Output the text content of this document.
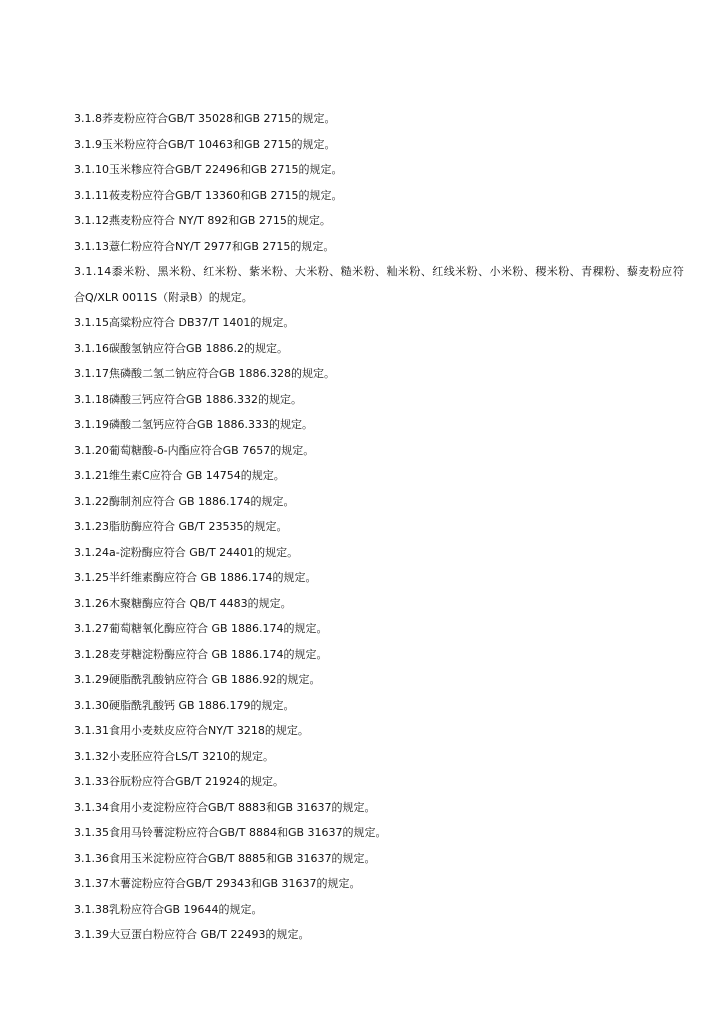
3.1.8荞麦粉应符合GB/T 35028和GB 2715的规定。
3.1.9玉米粉应符合GB/T 10463和GB 2715的规定。
3.1.10玉米糁应符合GB/T 22496和GB 2715的规定。
3.1.11莜麦粉应符合GB/T 13360和GB 2715的规定。
3.1.12燕麦粉应符合 NY/T 892和GB 2715的规定。
3.1.13薏仁粉应符合NY/T 2977和GB 2715的规定。
3.1.14黍米粉、黑米粉、红米粉、紫米粉、大米粉、糙米粉、籼米粉、红线米粉、小米粉、稷米粉、青稞粉、藜麦粉应符
合Q/XLR 0011S（附录B）的规定。
3.1.15高粱粉应符合 DB37/T 1401的规定。
3.1.16碳酸氢钠应符合GB 1886.2的规定。
3.1.17焦磷酸二氢二钠应符合GB 1886.328的规定。
3.1.18磷酸三钙应符合GB 1886.332的规定。
3.1.19磷酸二氢钙应符合GB 1886.333的规定。
3.1.20葡萄糖酸-δ-内酯应符合GB 7657的规定。
3.1.21维生素C应符合 GB 14754的规定。
3.1.22酶制剂应符合 GB 1886.174的规定。
3.1.23脂肪酶应符合 GB/T 23535的规定。
3.1.24a-淀粉酶应符合 GB/T 24401的规定。
3.1.25半纤维素酶应符合 GB 1886.174的规定。
3.1.26木聚糖酶应符合 QB/T 4483的规定。
3.1.27葡萄糖氧化酶应符合 GB 1886.174的规定。
3.1.28麦芽糖淀粉酶应符合 GB 1886.174的规定。
3.1.29硬脂酰乳酸钠应符合 GB 1886.92的规定。
3.1.30硬脂酰乳酸钙 GB 1886.179的规定。
3.1.31食用小麦麸皮应符合NY/T 3218的规定。
3.1.32小麦胚应符合LS/T 3210的规定。
3.1.33谷朊粉应符合GB/T 21924的规定。
3.1.34食用小麦淀粉应符合GB/T 8883和GB 31637的规定。
3.1.35食用马铃薯淀粉应符合GB/T 8884和GB 31637的规定。
3.1.36食用玉米淀粉应符合GB/T 8885和GB 31637的规定。
3.1.37木薯淀粉应符合GB/T 29343和GB 31637的规定。
3.1.38乳粉应符合GB 19644的规定。
3.1.39大豆蛋白粉应符合 GB/T 22493的规定。
